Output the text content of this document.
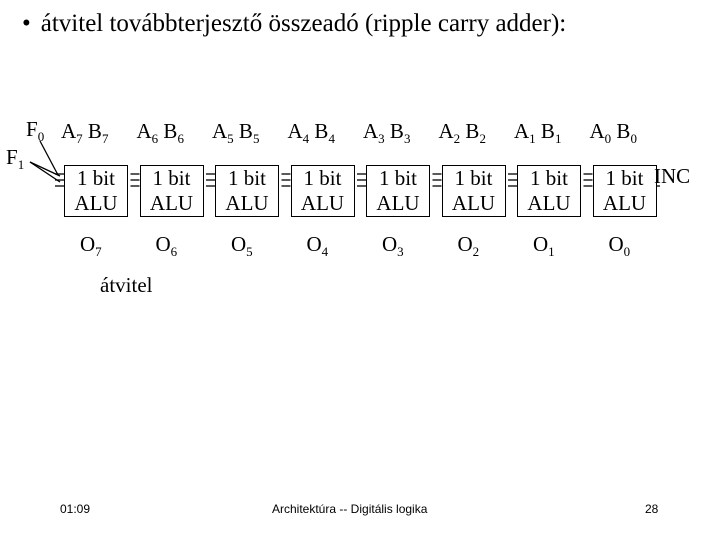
• átvitel továbbterjesztő összeadó (ripple carry adder):
$F_0$
$F_1$
1 bit
ALU
$A_7$ $B_7$
$O_7$
1 bit
ALU
$A_6$ $B_6$
$O_6$
1 bit
ALU
$A_5$ $B_5$
$O_5$
1 bit
ALU
$A_4$ $B_4$
$O_4$
1 bit
ALU
$A_3$ $B_3$
$O_3$
1 bit
ALU
$A_2$ $B_2$
$O_2$
1 bit
ALU
$A_1$ $B_1$
$O_1$
1 bit
ALU
$A_0$ $B_0$
$O_0$
átvitel
INC
01:09	Architektúra -- Digitális logika	28
